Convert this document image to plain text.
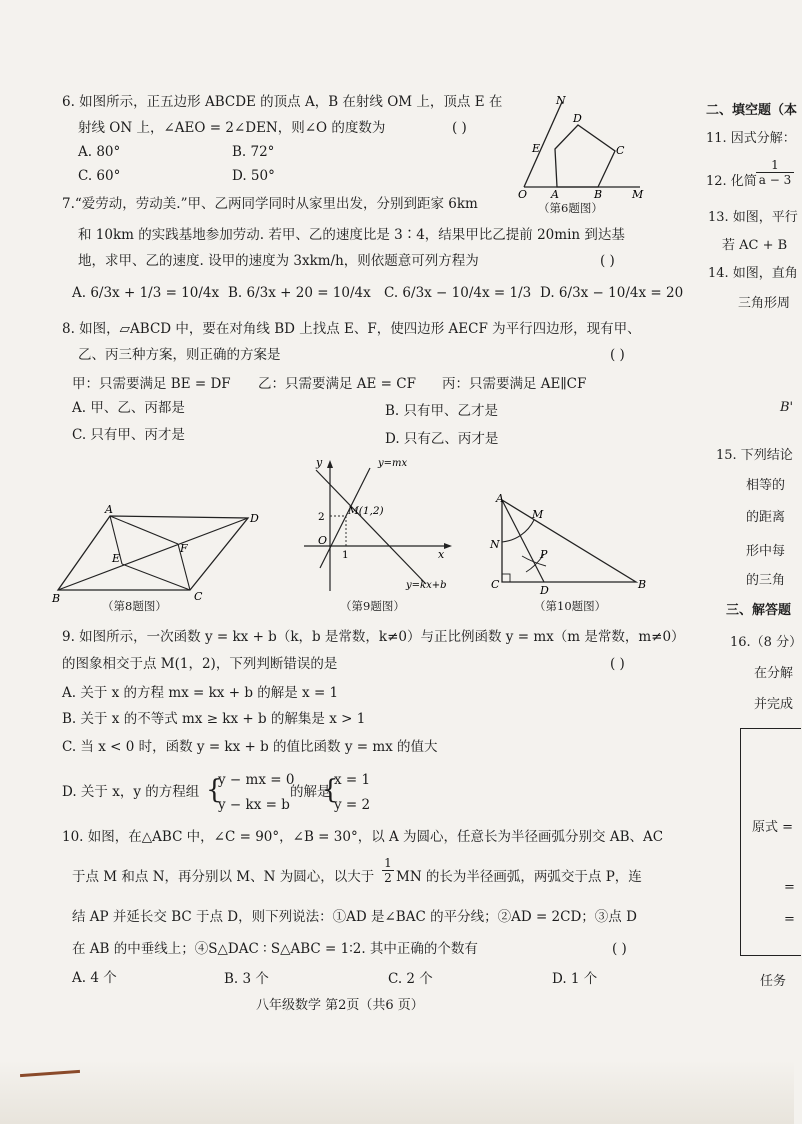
6. 如图所示，正五边形 ABCDE 的顶点 A，B 在射线 OM 上，顶点 E 在
射线 ON 上，∠AEO = 2∠DEN，则∠O 的度数为	( )
A. 80°	B. 72°
C. 60°	D. 50°
N
D
E	C
O A	B	M
（第6题图）
7.“爱劳动，劳动美.”甲、乙两同学同时从家里出发，分别到距家 6km
和 10km 的实践基地参加劳动. 若甲、乙的速度比是 3∶4，结果甲比乙提前 20min 到达基
地，求甲、乙的速度. 设甲的速度为 3xkm/h，则依题意可列方程为	( )
A. 6/3x + 1/3 = 10/4x B. 6/3x + 20 = 10/4x C. 6/3x − 10/4x = 1/3 D. 6/3x − 10/4x = 20
8. 如图，▱ABCD 中，要在对角线 BD 上找点 E、F，使四边形 AECF 为平行四边形，现有甲、
乙、丙三种方案，则正确的方案是	( )
甲：只需要满足 BE = DF 乙：只需要满足 AE = CF 丙：只需要满足 AE∥CF
A. 甲、乙、丙都是	B. 只有甲、乙才是
C. 只有甲、丙才是	D. 只有乙、丙才是
A
D
E
F
B	C
（第8题图）
y	y=mx
M(1,2)
2
O
1	x
y=kx+b
（第9题图）
A
M
N
P
C	D	B
（第10题图）
9. 如图所示，一次函数 y = kx + b（k，b 是常数，k≠0）与正比例函数 y = mx（m 是常数，m≠0）
的图象相交于点 M(1，2)，下列判断错误的是	( )
A. 关于 x 的方程 mx = kx + b 的解是 x = 1
B. 关于 x 的不等式 mx ≥ kx + b 的解集是 x > 1
C. 当 x < 0 时，函数 y = kx + b 的值比函数 y = mx 的值大
D. 关于 x，y 的方程组 {
y − mx = 0
y − kx = b
的解是
{
x = 1
y = 2
10. 如图，在△ABC 中，∠C = 90°，∠B = 30°，以 A 为圆心，任意长为半径画弧分别交 AB、AC
于点 M 和点 N，再分别以 M、N 为圆心，以大于 $\frac{1}{2}$ MN 的长为半径画弧，两弧交于点 P，连
结 AP 并延长交 BC 于点 D，则下列说法：①AD 是∠BAC 的平分线；②AD = 2CD；③点 D
在 AB 的中垂线上；④S△DAC ∶ S△ABC = 1∶2. 其中正确的个数有	( )
A. 4 个	B. 3 个	C. 2 个	D. 1 个
八年级数学 第2页（共6 页）
二、填空题（本
11. 因式分解：
12. 化简 $\frac{1}{a - 3}$
13. 如图，平行
若 AC + B
14. 如图，直角
三角形周
B'
15. 下列结论
相等的
的距离
形中每
的三角
三、解答题
16.（8 分）
在分解
并完成
原式 =
=
=
任务
